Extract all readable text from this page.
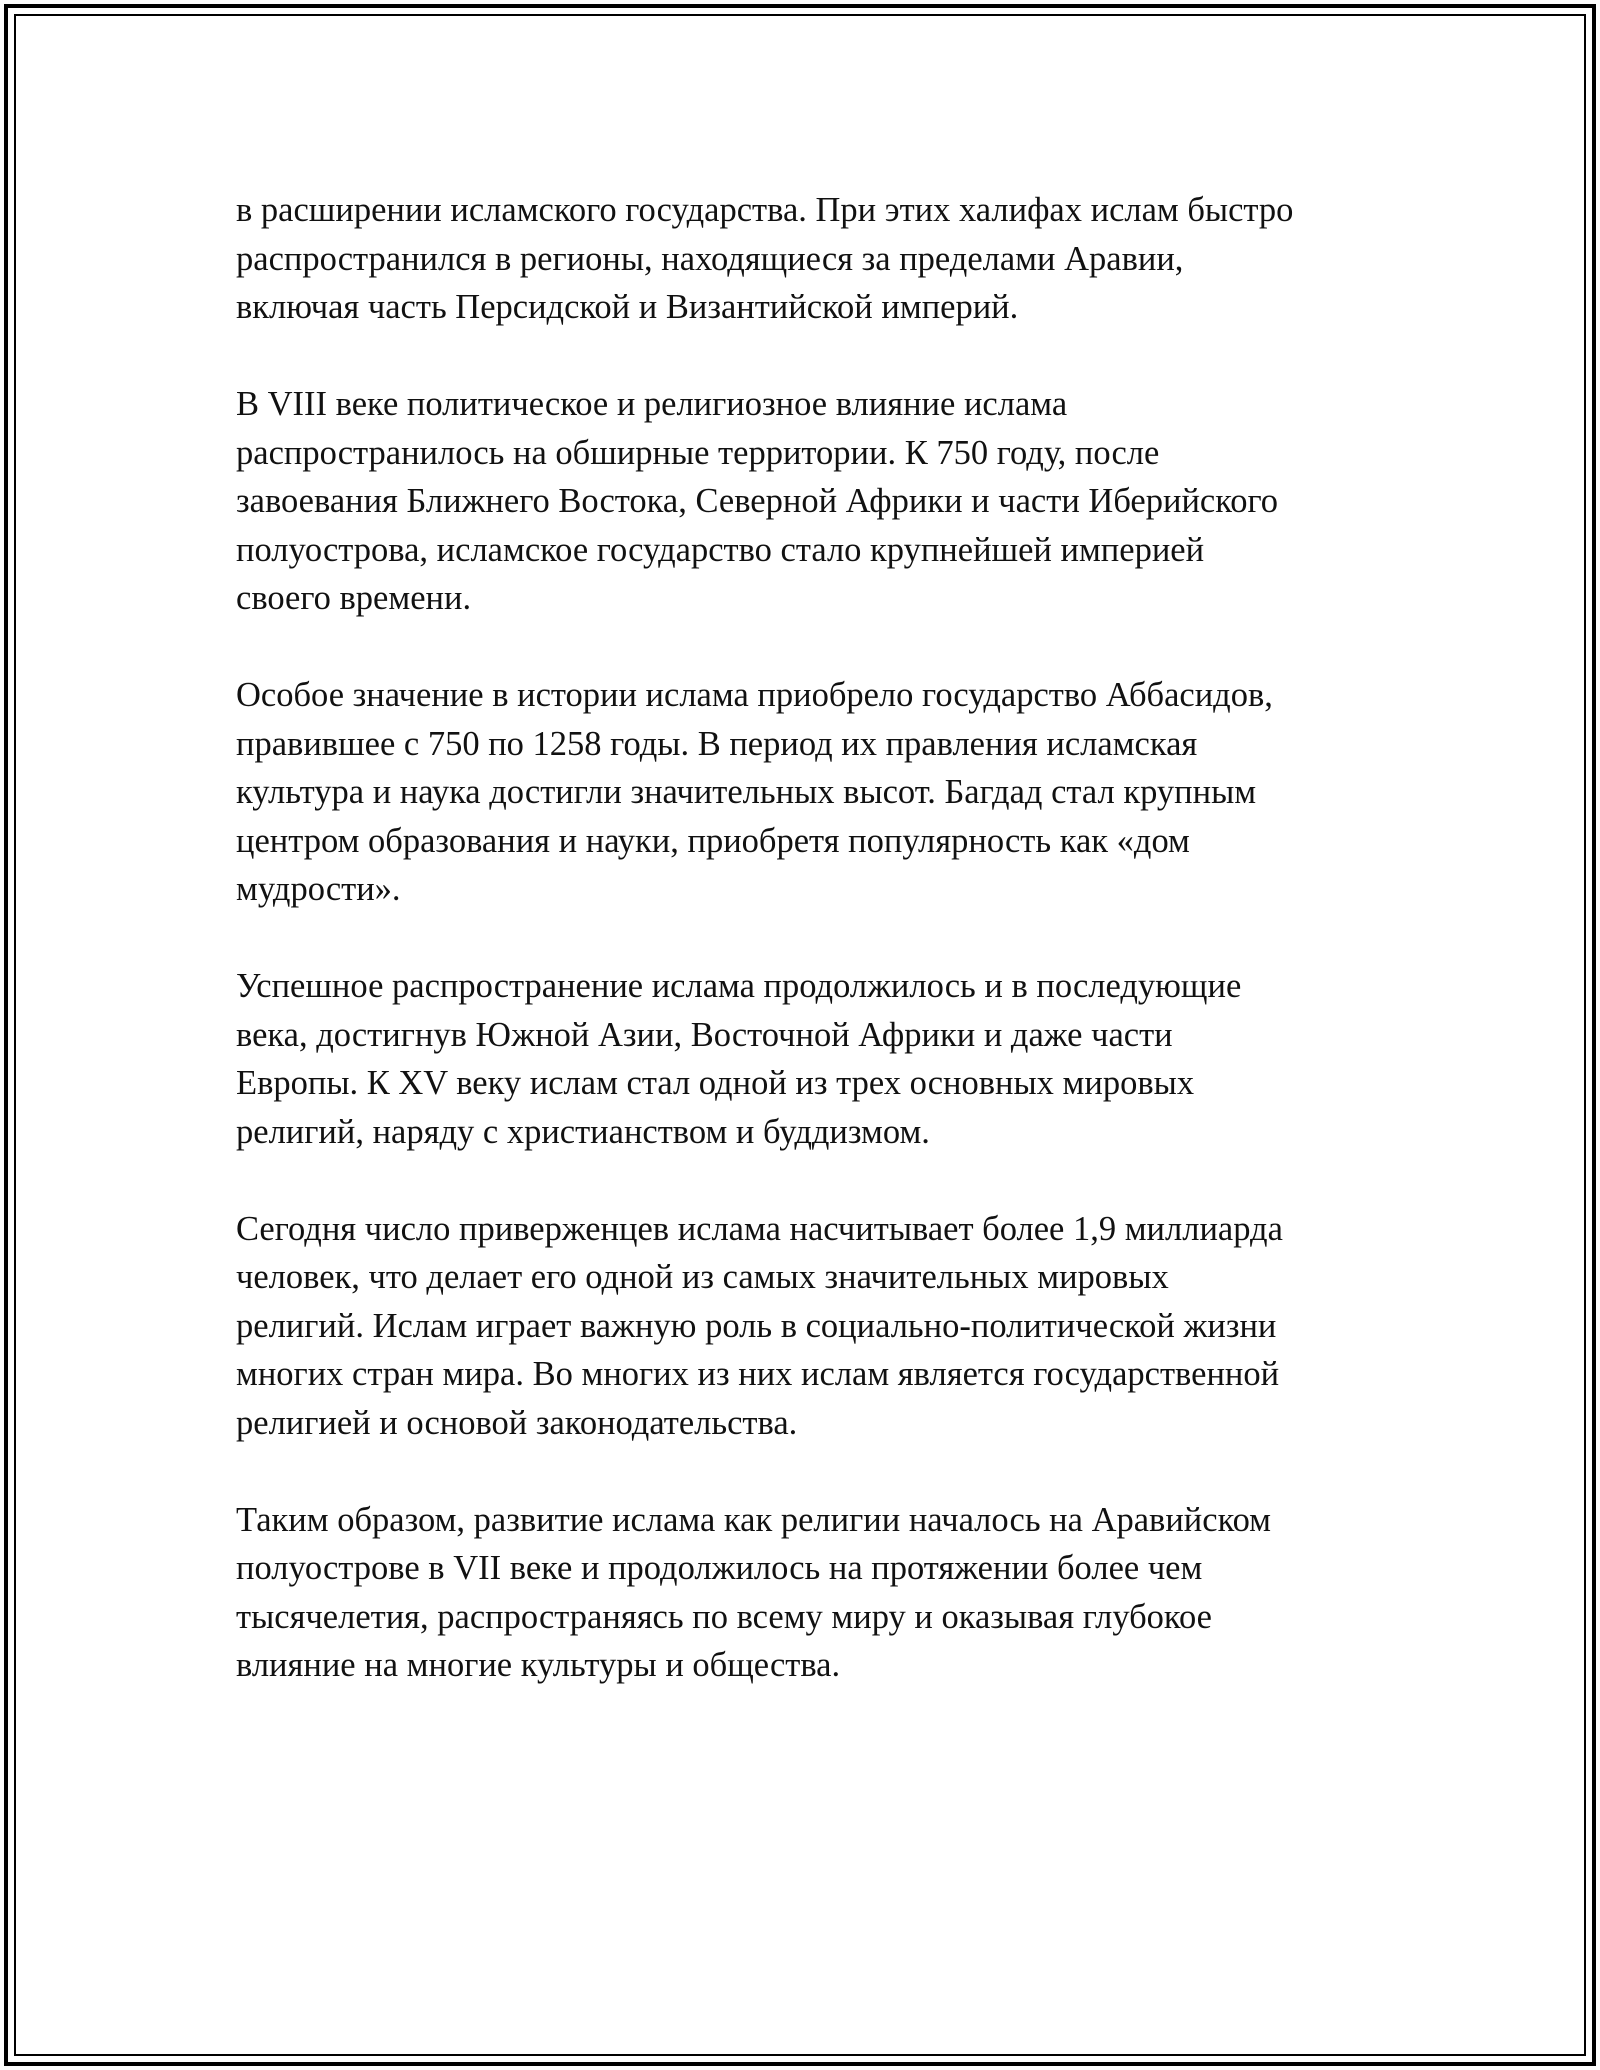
в расширении исламского государства. При этих халифах ислам быстро
распространился в регионы, находящиеся за пределами Аравии,
включая часть Персидской и Византийской империй.

В VIII веке политическое и религиозное влияние ислама
распространилось на обширные территории. К 750 году, после
завоевания Ближнего Востока, Северной Африки и части Иберийского
полуострова, исламское государство стало крупнейшей империей
своего времени.

Особое значение в истории ислама приобрело государство Аббасидов,
правившее с 750 по 1258 годы. В период их правления исламская
культура и наука достигли значительных высот. Багдад стал крупным
центром образования и науки, приобретя популярность как «дом
мудрости».

Успешное распространение ислама продолжилось и в последующие
века, достигнув Южной Азии, Восточной Африки и даже части
Европы. К XV веку ислам стал одной из трех основных мировых
религий, наряду с христианством и буддизмом.

Сегодня число приверженцев ислама насчитывает более 1,9 миллиарда
человек, что делает его одной из самых значительных мировых
религий. Ислам играет важную роль в социально-политической жизни
многих стран мира. Во многих из них ислам является государственной
религией и основой законодательства.

Таким образом, развитие ислама как религии началось на Аравийском
полуострове в VII веке и продолжилось на протяжении более чем
тысячелетия, распространяясь по всему миру и оказывая глубокое
влияние на многие культуры и общества.
